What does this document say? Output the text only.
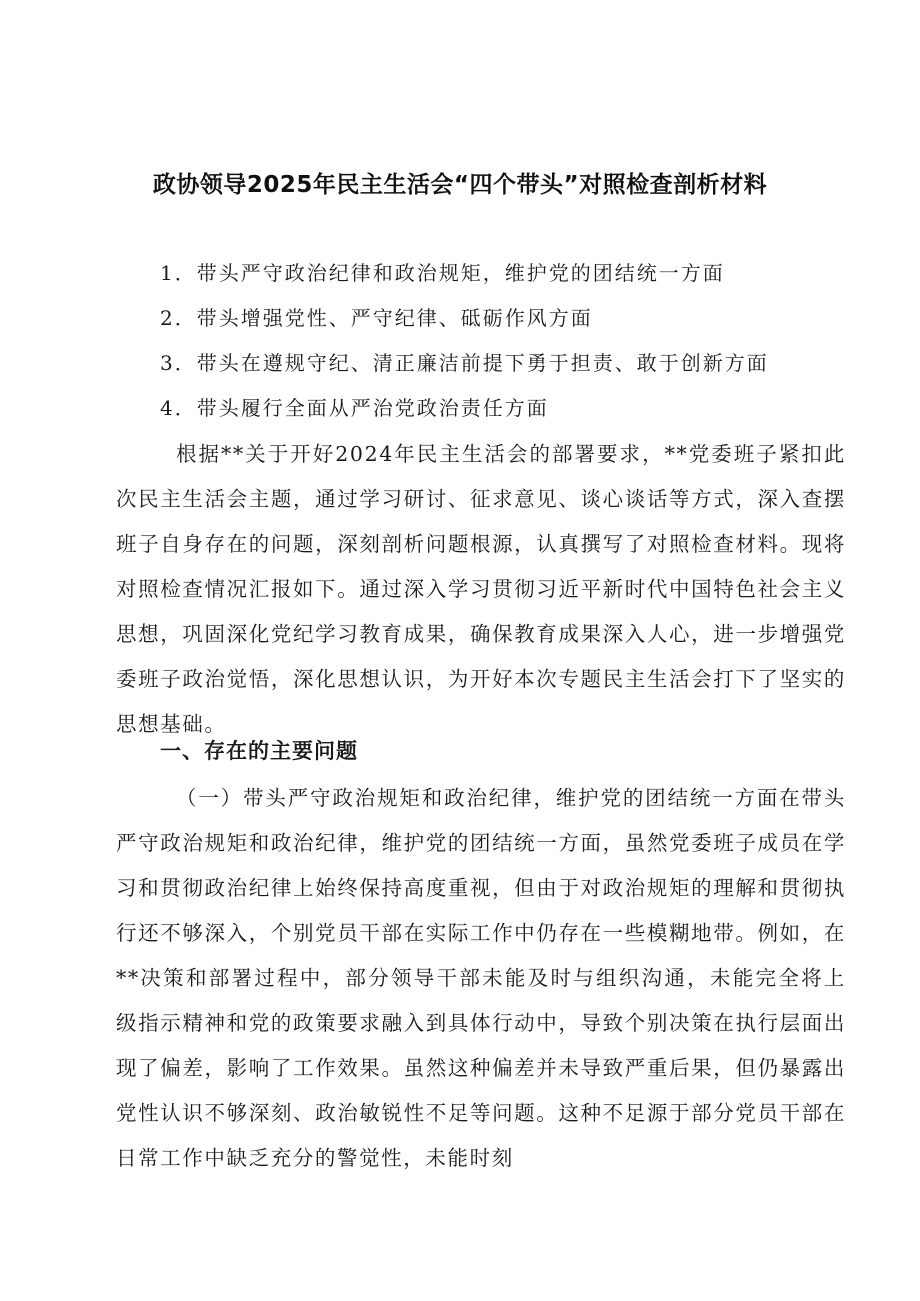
政协领导2025年民主生活会“四个带头”对照检查剖析材料
1．带头严守政治纪律和政治规矩，维护党的团结统一方面
2．带头增强党性、严守纪律、砥砺作风方面
3．带头在遵规守纪、清正廉洁前提下勇于担责、敢于创新方面
4．带头履行全面从严治党政治责任方面

根据**关于开好2024年民主生活会的部署要求，**党委班子紧扣此次民主生活会主题，通过学习研讨、征求意见、谈心谈话等方式，深入查摆班子自身存在的问题，深刻剖析问题根源，认真撰写了对照检查材料。现将对照检查情况汇报如下。通过深入学习贯彻习近平新时代中国特色社会主义思想，巩固深化党纪学习教育成果，确保教育成果深入人心，进一步增强党委班子政治觉悟，深化思想认识，为开好本次专题民主生活会打下了坚实的思想基础。

一、存在的主要问题

（一）带头严守政治规矩和政治纪律，维护党的团结统一方面在带头严守政治规矩和政治纪律，维护党的团结统一方面，虽然党委班子成员在学习和贯彻政治纪律上始终保持高度重视，但由于对政治规矩的理解和贯彻执行还不够深入，个别党员干部在实际工作中仍存在一些模糊地带。例如，在**决策和部署过程中，部分领导干部未能及时与组织沟通，未能完全将上级指示精神和党的政策要求融入到具体行动中，导致个别决策在执行层面出现了偏差，影响了工作效果。虽然这种偏差并未导致严重后果，但仍暴露出党性认识不够深刻、政治敏锐性不足等问题。这种不足源于部分党员干部在日常工作中缺乏充分的警觉性，未能时刻
